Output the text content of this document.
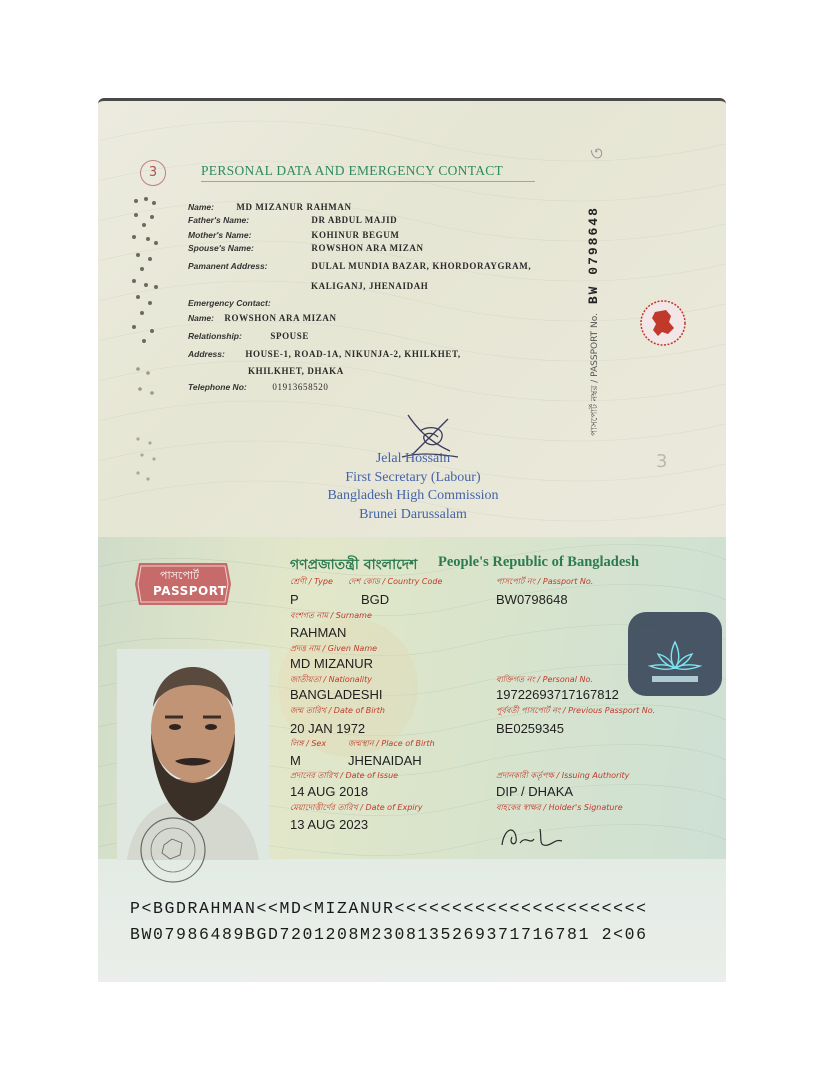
3
৩
3
PERSONAL DATA AND EMERGENCY CONTACT
Name: MD MIZANUR RAHMAN
Father's Name:	DR ABDUL MAJID
Mother's Name:	KOHINUR BEGUM
Spouse's Name:	ROWSHON ARA MIZAN
Pamanent Address:	DULAL MUNDIA BAZAR, KHORDORAYGRAM,
KALIGANJ, JHENAIDAH
Emergency Contact:
Name: ROWSHON ARA MIZAN
Relationship:	SPOUSE
Address: HOUSE-1, ROAD-1A, NIKUNJA-2, KHILKHET,
KHILKHET, DHAKA
Telephone No:	01913658520	পাসপোর্ট নম্বর / PASSPORT No. BW 0798648
Jelal Hossain
First Secretary (Labour)
Bangladesh High Commission
Brunei Darussalam
পাসপোর্ট
PASSPORT
গণপ্রজাতন্ত্রী বাংলাদেশ People's Republic of Bangladesh
শ্রেণী / Type দেশ কোড / Country Code	পাসপোর্ট নং / Passport No.
P	BGD	BW0798648
বংশগত নাম / Surname
RAHMAN
প্রদত্ত নাম / Given Name
MD MIZANUR
জাতীয়তা / Nationality	ব্যক্তিগত নং / Personal No.
BANGLADESHI	19722693717167812
জন্ম তারিখ / Date of Birth	পূর্ববর্তী পাসপোর্ট নং / Previous Passport No.
20 JAN 1972	BE0259345
লিঙ্গ / Sex	জন্মস্থান / Place of Birth
M	JHENAIDAH
প্রদানের তারিখ / Date of Issue	প্রদানকারী কর্তৃপক্ষ / Issuing Authority
14 AUG 2018	DIP / DHAKA
মেয়াদোত্তীর্ণের তারিখ / Date of Expiry	বাহকের স্বাক্ষর / Holder's Signature
13 AUG 2023
P<BGDRAHMAN<<MD<MIZANUR<<<<<<<<<<<<<<<<<<<<<<
BW07986489BGD7201208M2308135269371716781 2<06
